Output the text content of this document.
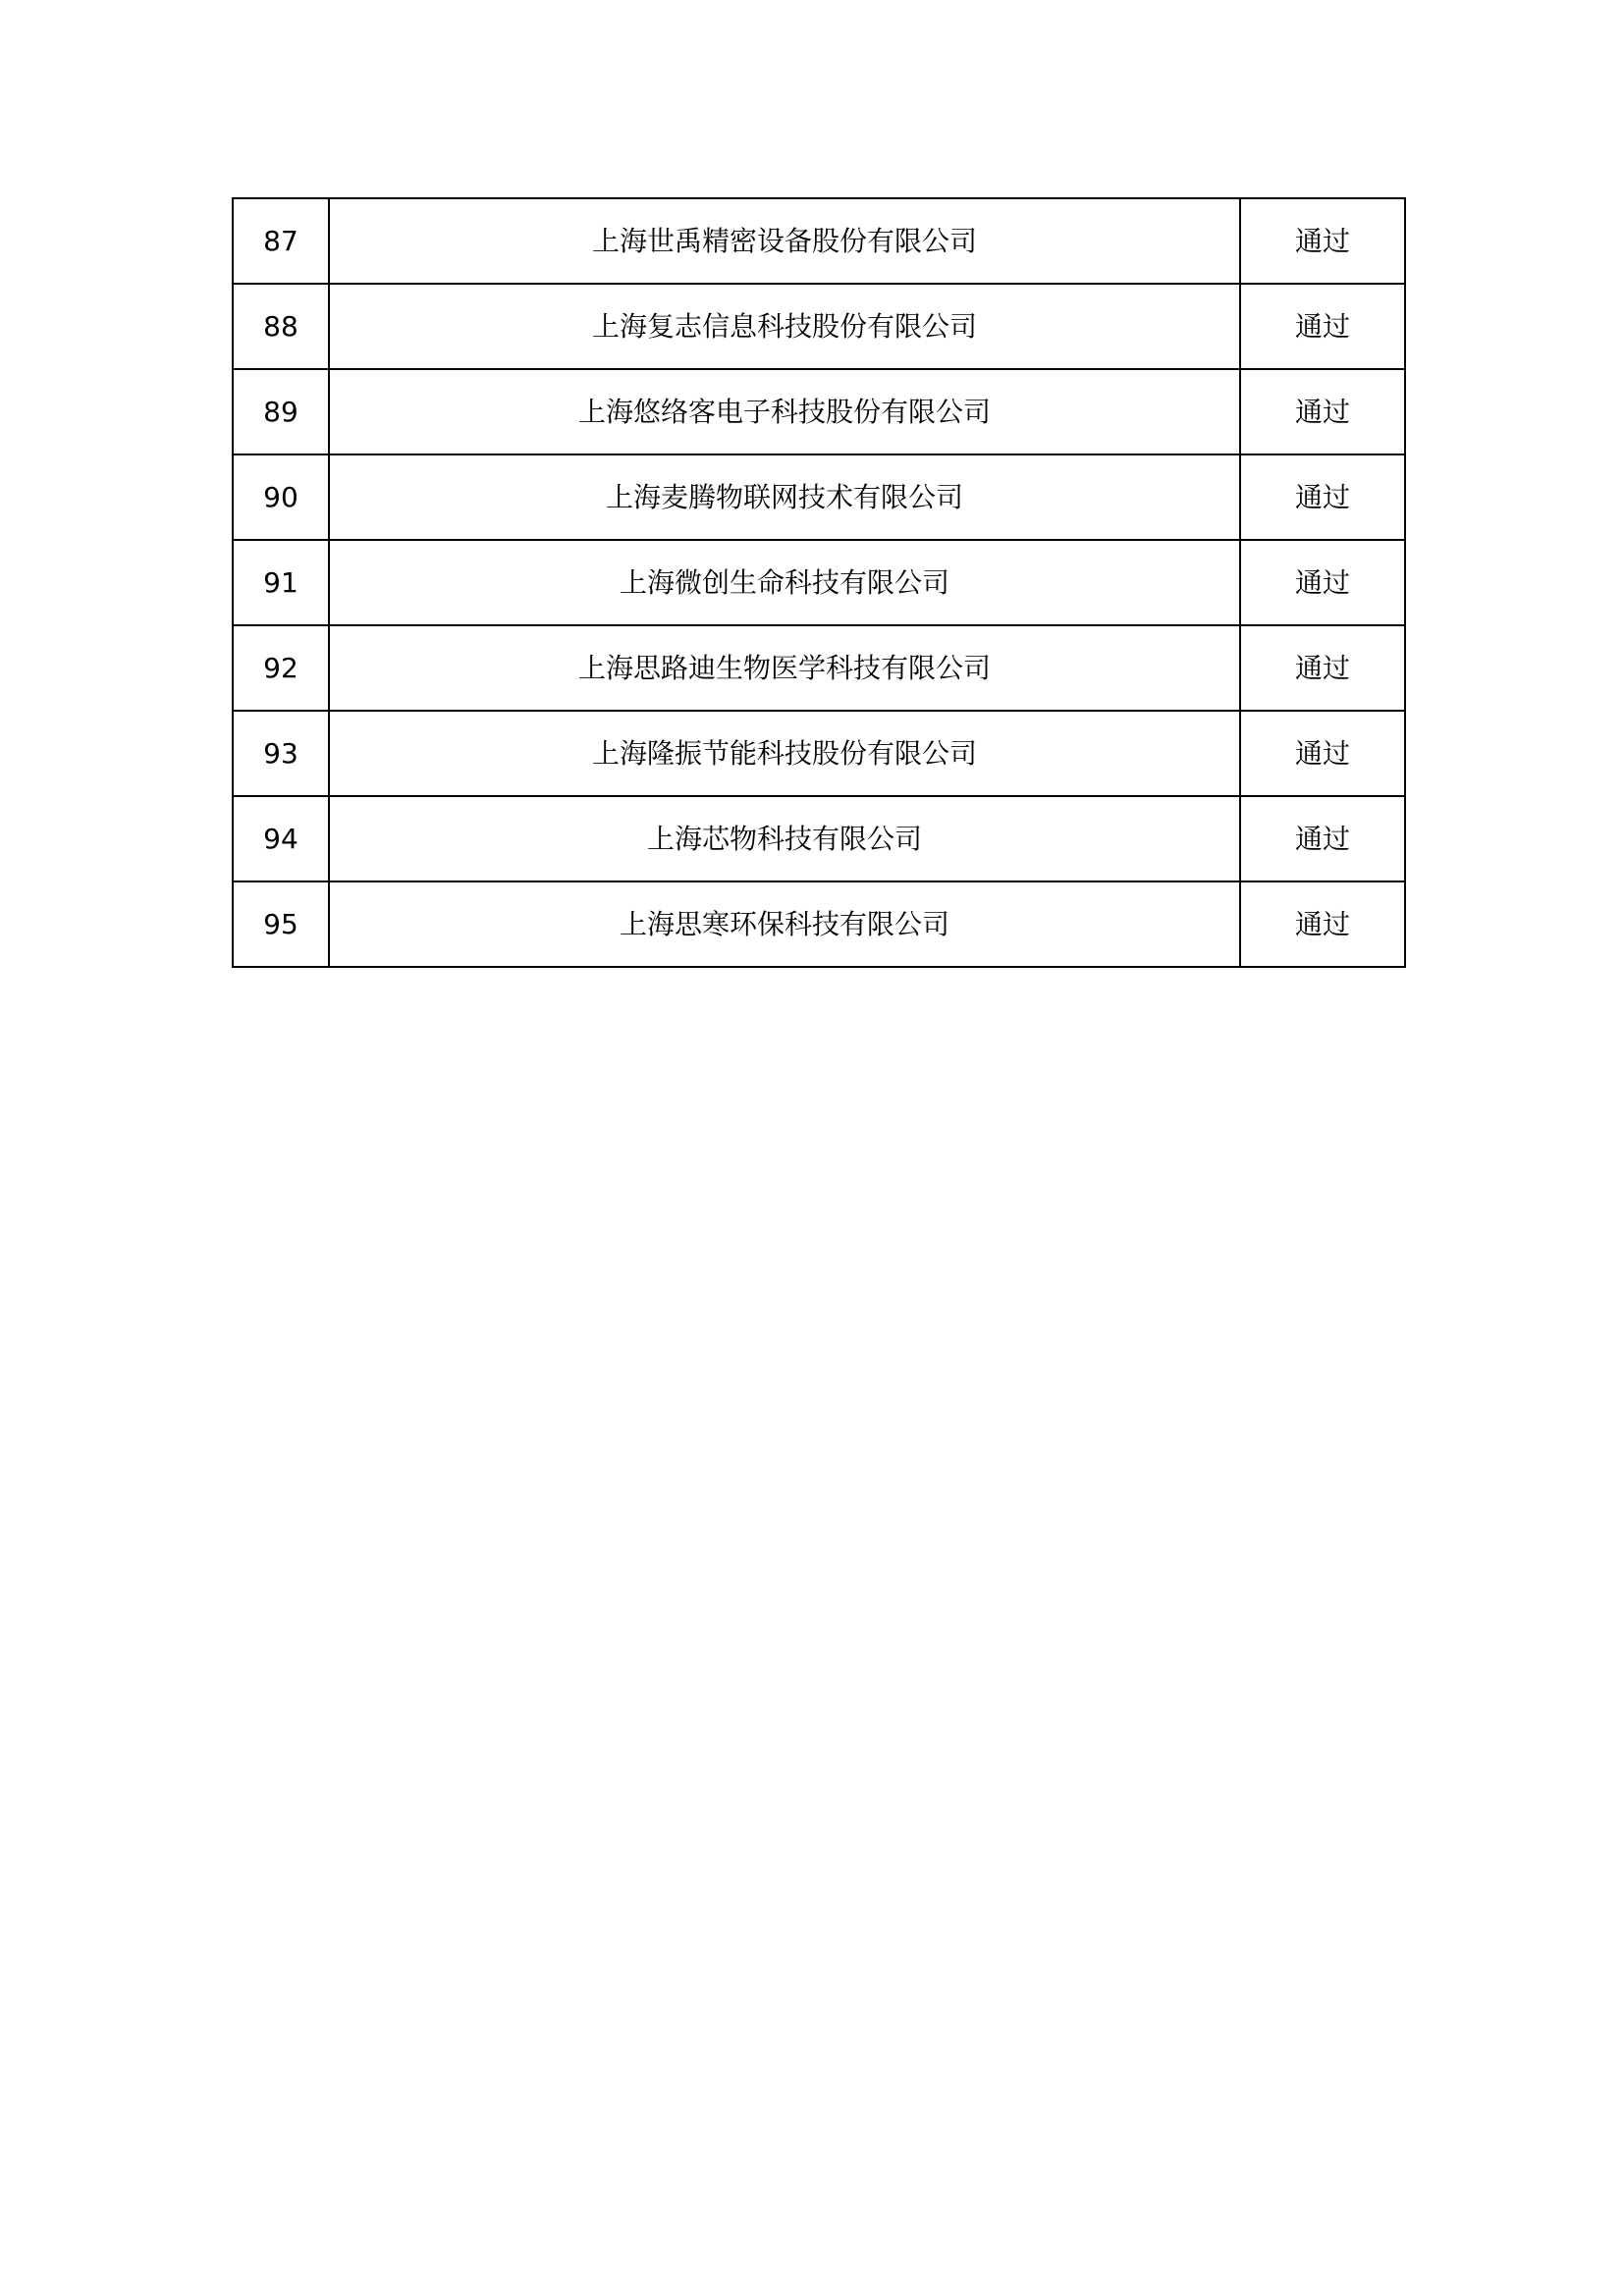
87	上海世禹精密设备股份有限公司	通过
88	上海复志信息科技股份有限公司	通过
89	上海悠络客电子科技股份有限公司	通过
90	上海麦腾物联网技术有限公司	通过
91	上海微创生命科技有限公司	通过
92	上海思路迪生物医学科技有限公司	通过
93	上海隆振节能科技股份有限公司	通过
94	上海芯物科技有限公司	通过
95	上海思寒环保科技有限公司	通过
